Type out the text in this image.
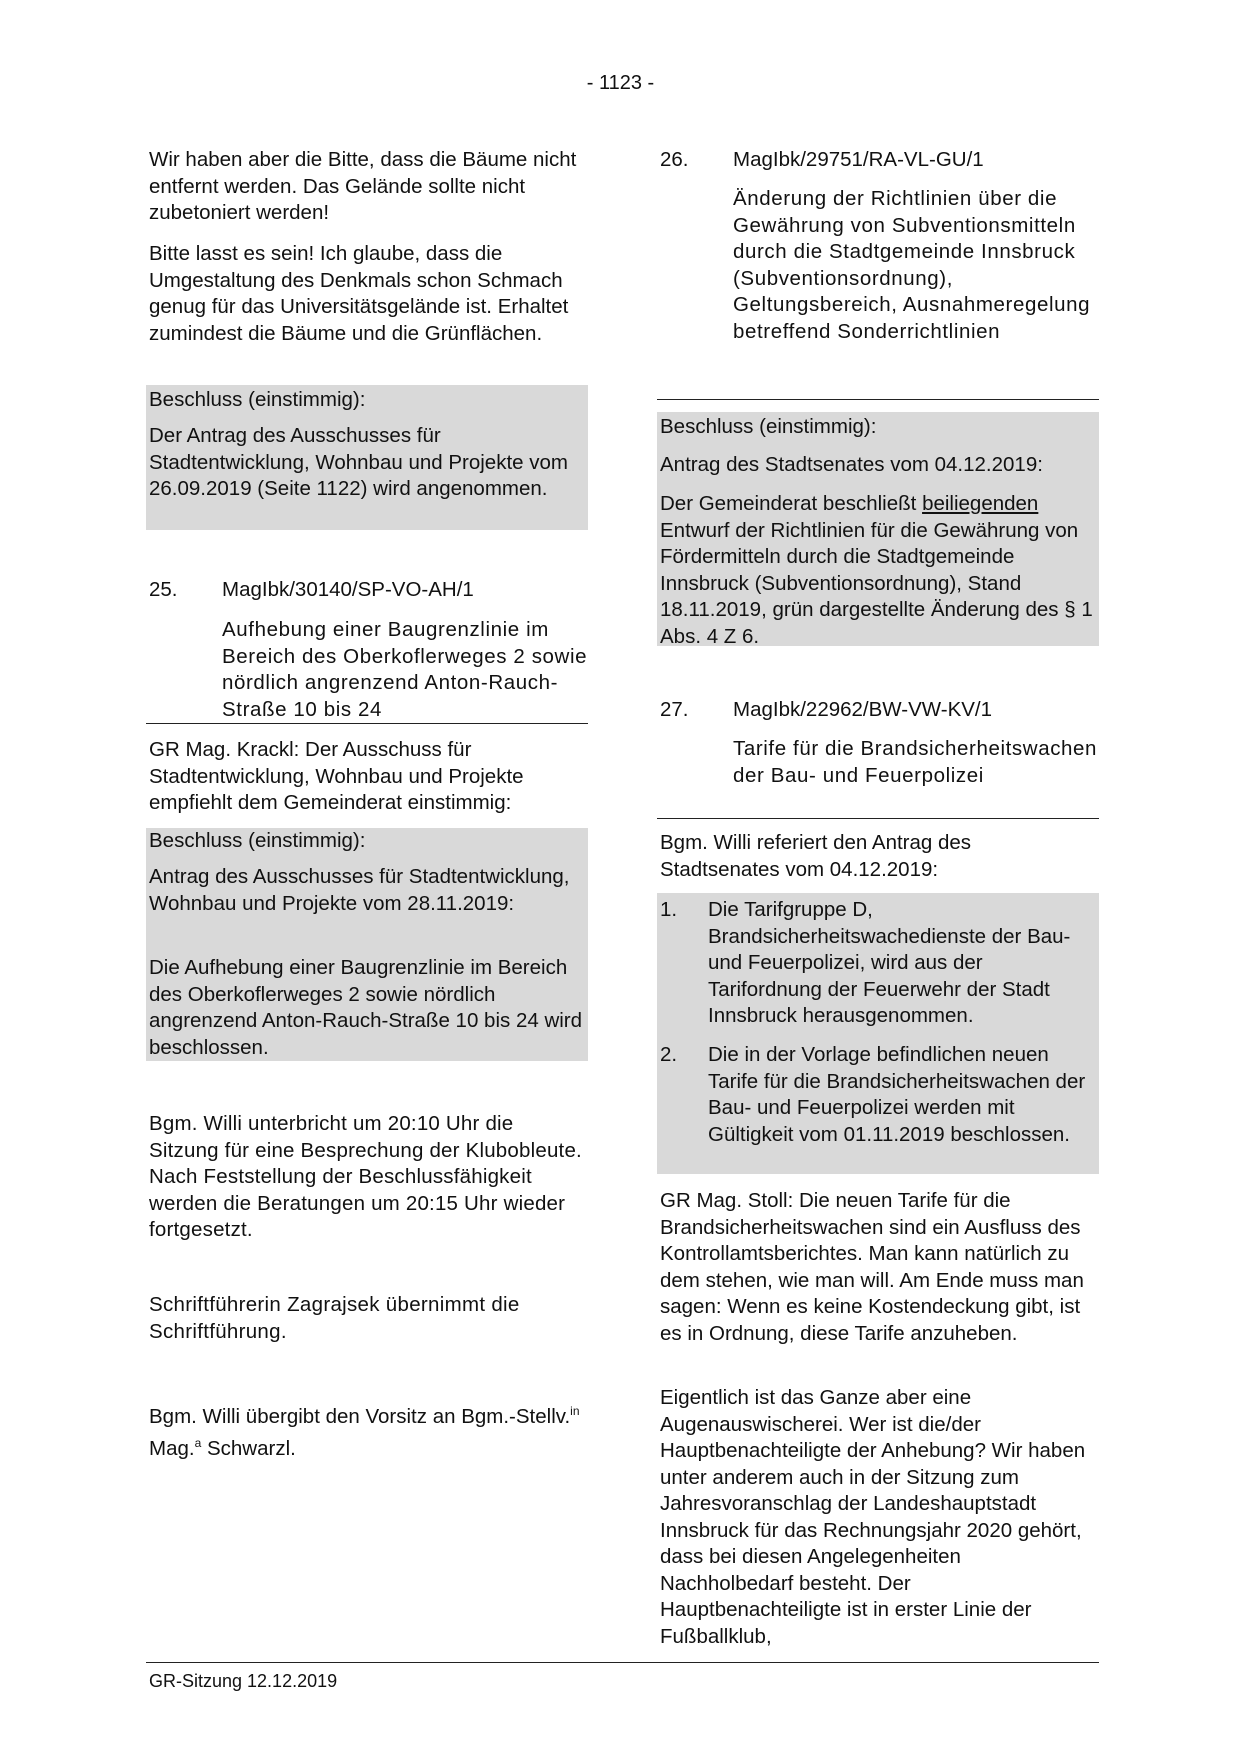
- 1123 -

Wir haben aber die Bitte, dass die Bäume nicht entfernt werden. Das Gelände sollte nicht zubetoniert werden!

Bitte lasst es sein! Ich glaube, dass die Umgestaltung des Denkmals schon Schmach genug für das Universitätsgelände ist. Erhaltet zumindest die Bäume und die Grünflächen.

Beschluss (einstimmig):

Der Antrag des Ausschusses für Stadtentwicklung, Wohnbau und Projekte vom 26.09.2019 (Seite 1122) wird angenommen.

25. MagIbk/30140/SP-VO-AH/1
Aufhebung einer Baugrenzlinie im Bereich des Oberkoflerweges 2 sowie nördlich angrenzend Anton-Rauch-Straße 10 bis 24

GR Mag. Krackl: Der Ausschuss für Stadtentwicklung, Wohnbau und Projekte empfiehlt dem Gemeinderat einstimmig:

Beschluss (einstimmig):

Antrag des Ausschusses für Stadtentwicklung, Wohnbau und Projekte vom 28.11.2019:

Die Aufhebung einer Baugrenzlinie im Bereich des Oberkoflerweges 2 sowie nördlich angrenzend Anton-Rauch-Straße 10 bis 24 wird beschlossen.

Bgm. Willi unterbricht um 20:10 Uhr die Sitzung für eine Besprechung der Klubobleute. Nach Feststellung der Beschlussfähigkeit werden die Beratungen um 20:15 Uhr wieder fortgesetzt.

Schriftführerin Zagrajsek übernimmt die Schriftführung.

Bgm. Willi übergibt den Vorsitz an Bgm.-Stellv.$^{in}$ Mag.$^a$ Schwarzl.

26. MagIbk/29751/RA-VL-GU/1
Änderung der Richtlinien über die Gewährung von Subventionsmitteln durch die Stadtgemeinde Innsbruck (Subventionsordnung), Geltungsbereich, Ausnahmeregelung betreffend Sonderrichtlinien

Beschluss (einstimmig):

Antrag des Stadtsenates vom 04.12.2019:

Der Gemeinderat beschließt beiliegenden Entwurf der Richtlinien für die Gewährung von Fördermitteln durch die Stadtgemeinde Innsbruck (Subventionsordnung), Stand 18.11.2019, grün dargestellte Änderung des § 1 Abs. 4 Z 6.

27. MagIbk/22962/BW-VW-KV/1
Tarife für die Brandsicherheitswachen der Bau- und Feuerpolizei

Bgm. Willi referiert den Antrag des Stadtsenates vom 04.12.2019:

1. Die Tarifgruppe D, Brandsicherheitswachedienste der Bau- und Feuerpolizei, wird aus der Tarifordnung der Feuerwehr der Stadt Innsbruck herausgenommen.
2. Die in der Vorlage befindlichen neuen Tarife für die Brandsicherheitswachen der Bau- und Feuerpolizei werden mit Gültigkeit vom 01.11.2019 beschlossen.

GR Mag. Stoll: Die neuen Tarife für die Brandsicherheitswachen sind ein Ausfluss des Kontrollamtsberichtes. Man kann natürlich zu dem stehen, wie man will. Am Ende muss man sagen: Wenn es keine Kostendeckung gibt, ist es in Ordnung, diese Tarife anzuheben.

Eigentlich ist das Ganze aber eine Augenauswischerei. Wer ist die/der Hauptbenachteiligte der Anhebung? Wir haben unter anderem auch in der Sitzung zum Jahresvoranschlag der Landeshauptstadt Innsbruck für das Rechnungsjahr 2020 gehört, dass bei diesen Angelegenheiten Nachholbedarf besteht. Der Hauptbenachteiligte ist in erster Linie der Fußballklub,

GR-Sitzung 12.12.2019
